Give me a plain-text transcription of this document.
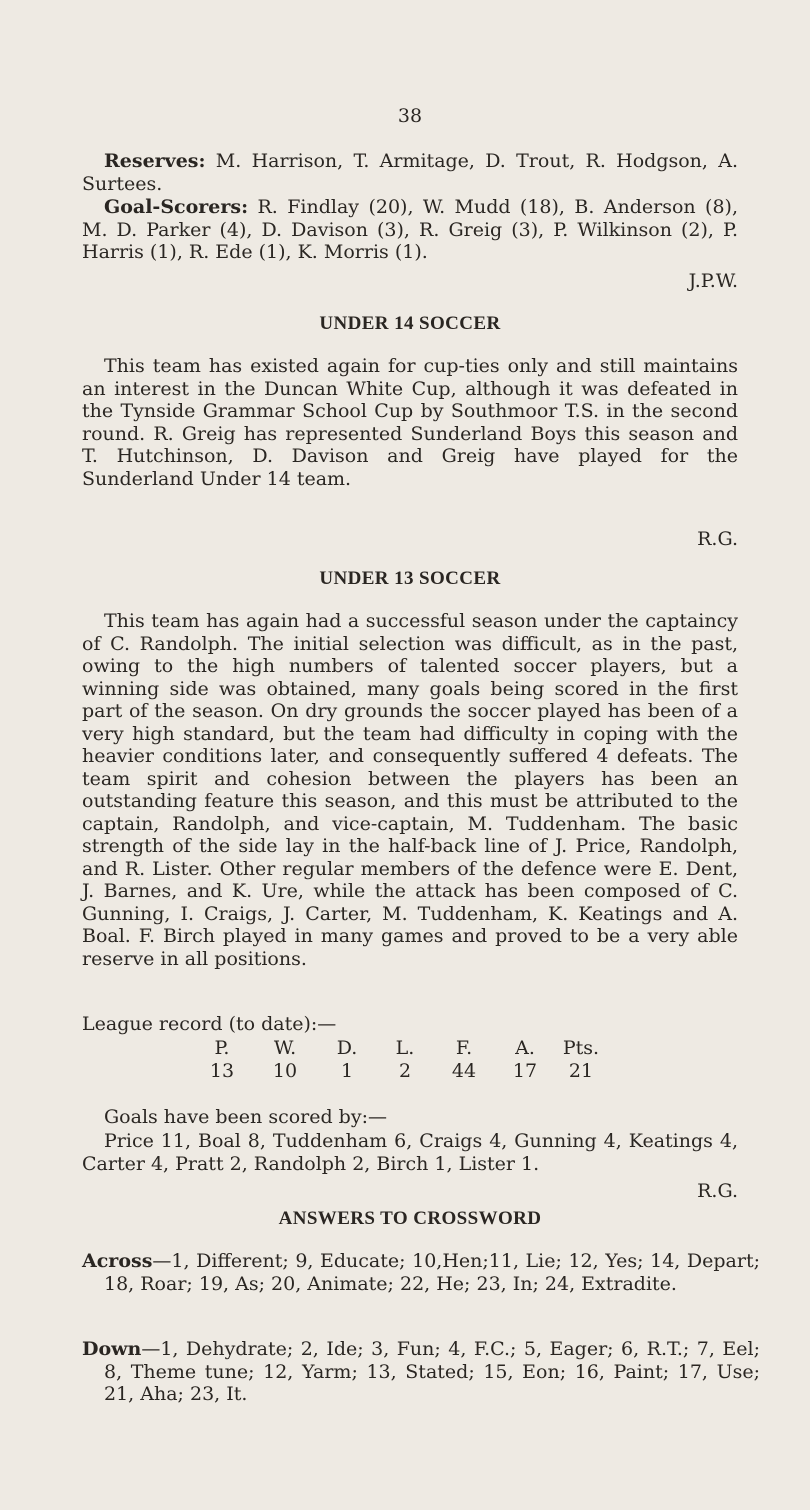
38
Reserves: M. Harrison, T. Armitage, D. Trout, R. Hodgson, A. Surtees.
Goal-Scorers: R. Findlay (20), W. Mudd (18), B. Anderson (8), M. D. Parker (4), D. Davison (3), R. Greig (3), P. Wilkinson (2), P. Harris (1), R. Ede (1), K. Morris (1).
J.P.W.
UNDER 14 SOCCER
This team has existed again for cup-ties only and still maintains an interest in the Duncan White Cup, although it was defeated in the Tynside Grammar School Cup by Southmoor T.S. in the second round. R. Greig has represented Sunderland Boys this season and T. Hutchinson, D. Davison and Greig have played for the Sunderland Under 14 team.
R.G.
UNDER 13 SOCCER
This team has again had a successful season under the captaincy of C. Randolph. The initial selection was difficult, as in the past, owing to the high numbers of talented soccer players, but a winning side was obtained, many goals being scored in the first part of the season. On dry grounds the soccer played has been of a very high standard, but the team had difficulty in coping with the heavier conditions later, and consequently suffered 4 defeats. The team spirit and cohesion between the players has been an outstanding feature this season, and this must be attributed to the captain, Randolph, and vice-captain, M. Tuddenham. The basic strength of the side lay in the half-back line of J. Price, Randolph, and R. Lister. Other regular members of the defence were E. Dent, J. Barnes, and K. Ure, while the attack has been composed of C. Gunning, I. Craigs, J. Carter, M. Tuddenham, K. Keatings and A. Boal. F. Birch played in many games and proved to be a very able reserve in all positions.
League record (to date):—
P.	W.	D.	L.	F.	A.	Pts.
13	10	1	2	44	17	21
Goals have been scored by:—
Price 11, Boal 8, Tuddenham 6, Craigs 4, Gunning 4, Keatings 4, Carter 4, Pratt 2, Randolph 2, Birch 1, Lister 1.
R.G.
ANSWERS TO CROSSWORD
Across—1, Different; 9, Educate; 10,Hen;11, Lie; 12, Yes; 14, Depart; 18, Roar; 19, As; 20, Animate; 22, He; 23, In; 24, Extradite.
Down—1, Dehydrate; 2, Ide; 3, Fun; 4, F.C.; 5, Eager; 6, R.T.; 7, Eel; 8, Theme tune; 12, Yarm; 13, Stated; 15, Eon; 16, Paint; 17, Use; 21, Aha; 23, It.
